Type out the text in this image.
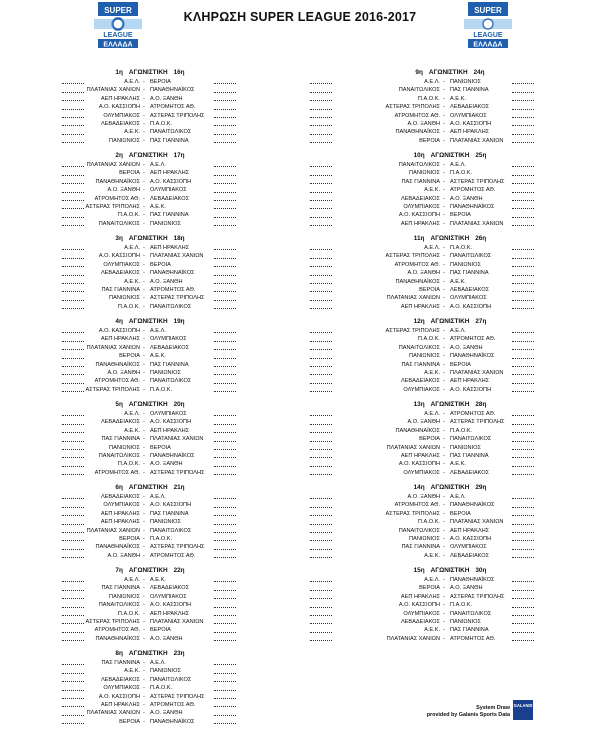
SUPER
LEAGUE
ΕΛΛΑΔΑ
ΚΛΗΡΩΣΗ SUPER LEAGUE 2016-2017	SUPER
LEAGUE
ΕΛΛΑΔΑ
1η ΑΓΩΝΙΣΤΙΚΗ 16η
Α.Ε.Λ. - ΒΕΡΟΙΑ
ΠΛΑΤΑΝΙΑΣ ΧΑΝΙΩΝ - ΠΑΝΑΘΗΝΑΪΚΟΣ
ΑΕΠ ΗΡΑΚΛΗΣ - Α.Ο. ΞΑΝΘΗ
Α.Ο. ΚΑΣΣΙΟΠΗ - ΑΤΡΟΜΗΤΟΣ ΑΘ.
ΟΛΥΜΠΙΑΚΟΣ - ΑΣΤΕΡΑΣ ΤΡΙΠΟΛΗΣ
ΛΕΒΑΔΕΙΑΚΟΣ - Π.Α.Ο.Κ.
Α.Ε.Κ. - ΠΑΝΑΙΤΩΛΙΚΟΣ
ΠΑΝΙΩΝΙΟΣ - ΠΑΣ ΓΙΑΝΝΙΝΑ
2η ΑΓΩΝΙΣΤΙΚΗ 17η
ΠΛΑΤΑΝΙΑΣ ΧΑΝΙΩΝ - Α.Ε.Λ.
ΒΕΡΟΙΑ - ΑΕΠ ΗΡΑΚΛΗΣ
ΠΑΝΑΘΗΝΑΪΚΟΣ - Α.Ο. ΚΑΣΣΙΟΠΗ
Α.Ο. ΞΑΝΘΗ - ΟΛΥΜΠΙΑΚΟΣ
ΑΤΡΟΜΗΤΟΣ ΑΘ. - ΛΕΒΑΔΕΙΑΚΟΣ
ΑΣΤΕΡΑΣ ΤΡΙΠΟΛΗΣ - Α.Ε.Κ.
Π.Α.Ο.Κ. - ΠΑΣ ΓΙΑΝΝΙΝΑ
ΠΑΝΑΙΤΩΛΙΚΟΣ - ΠΑΝΙΩΝΙΟΣ
3η ΑΓΩΝΙΣΤΙΚΗ 18η
Α.Ε.Λ. - ΑΕΠ ΗΡΑΚΛΗΣ
Α.Ο. ΚΑΣΣΙΟΠΗ - ΠΛΑΤΑΝΙΑΣ ΧΑΝΙΩΝ
ΟΛΥΜΠΙΑΚΟΣ - ΒΕΡΟΙΑ
ΛΕΒΑΔΕΙΑΚΟΣ - ΠΑΝΑΘΗΝΑΪΚΟΣ
Α.Ε.Κ. - Α.Ο. ΞΑΝΘΗ
ΠΑΣ ΓΙΑΝΝΙΝΑ - ΑΤΡΟΜΗΤΟΣ ΑΘ.
ΠΑΝΙΩΝΙΟΣ - ΑΣΤΕΡΑΣ ΤΡΙΠΟΛΗΣ
Π.Α.Ο.Κ. - ΠΑΝΑΙΤΩΛΙΚΟΣ
4η ΑΓΩΝΙΣΤΙΚΗ 19η
Α.Ο. ΚΑΣΣΙΟΠΗ - Α.Ε.Λ.
ΑΕΠ ΗΡΑΚΛΗΣ - ΟΛΥΜΠΙΑΚΟΣ
ΠΛΑΤΑΝΙΑΣ ΧΑΝΙΩΝ - ΛΕΒΑΔΕΙΑΚΟΣ
ΒΕΡΟΙΑ - Α.Ε.Κ.
ΠΑΝΑΘΗΝΑΪΚΟΣ - ΠΑΣ ΓΙΑΝΝΙΝΑ
Α.Ο. ΞΑΝΘΗ - ΠΑΝΙΩΝΙΟΣ
ΑΤΡΟΜΗΤΟΣ ΑΘ. - ΠΑΝΑΙΤΩΛΙΚΟΣ
ΑΣΤΕΡΑΣ ΤΡΙΠΟΛΗΣ - Π.Α.Ο.Κ.
5η ΑΓΩΝΙΣΤΙΚΗ 20η
Α.Ε.Λ. - ΟΛΥΜΠΙΑΚΟΣ
ΛΕΒΑΔΕΙΑΚΟΣ - Α.Ο. ΚΑΣΣΙΟΠΗ
Α.Ε.Κ. - ΑΕΠ ΗΡΑΚΛΗΣ
ΠΑΣ ΓΙΑΝΝΙΝΑ - ΠΛΑΤΑΝΙΑΣ ΧΑΝΙΩΝ
ΠΑΝΙΩΝΙΟΣ - ΒΕΡΟΙΑ
ΠΑΝΑΙΤΩΛΙΚΟΣ - ΠΑΝΑΘΗΝΑΪΚΟΣ
Π.Α.Ο.Κ. - Α.Ο. ΞΑΝΘΗ
ΑΤΡΟΜΗΤΟΣ ΑΘ. - ΑΣΤΕΡΑΣ ΤΡΙΠΟΛΗΣ
6η ΑΓΩΝΙΣΤΙΚΗ 21η
ΛΕΒΑΔΕΙΑΚΟΣ - Α.Ε.Λ.
ΟΛΥΜΠΙΑΚΟΣ - Α.Ο. ΚΑΣΣΙΟΠΗ
ΑΕΠ ΗΡΑΚΛΗΣ - ΠΑΣ ΓΙΑΝΝΙΝΑ
ΑΕΠ ΗΡΑΚΛΗΣ - ΠΑΝΙΩΝΙΟΣ
ΠΛΑΤΑΝΙΑΣ ΧΑΝΙΩΝ - ΠΑΝΑΙΤΩΛΙΚΟΣ
ΒΕΡΟΙΑ - Π.Α.Ο.Κ.
ΠΑΝΑΘΗΝΑΪΚΟΣ - ΑΣΤΕΡΑΣ ΤΡΙΠΟΛΗΣ
Α.Ο. ΞΑΝΘΗ - ΑΤΡΟΜΗΤΟΣ ΑΘ.
7η ΑΓΩΝΙΣΤΙΚΗ 22η
Α.Ε.Λ. - Α.Ε.Κ.
ΠΑΣ ΓΙΑΝΝΙΝΑ - ΛΕΒΑΔΕΙΑΚΟΣ
ΠΑΝΙΩΝΙΟΣ - ΟΛΥΜΠΙΑΚΟΣ
ΠΑΝΑΙΤΩΛΙΚΟΣ - Α.Ο. ΚΑΣΣΙΟΠΗ
Π.Α.Ο.Κ. - ΑΕΠ ΗΡΑΚΛΗΣ
ΑΣΤΕΡΑΣ ΤΡΙΠΟΛΗΣ - ΠΛΑΤΑΝΙΑΣ ΧΑΝΙΩΝ
ΑΤΡΟΜΗΤΟΣ ΑΘ. - ΒΕΡΟΙΑ
ΠΑΝΑΘΗΝΑΪΚΟΣ - Α.Ο. ΞΑΝΘΗ
8η ΑΓΩΝΙΣΤΙΚΗ 23η
ΠΑΣ ΓΙΑΝΝΙΝΑ - Α.Ε.Λ.
Α.Ε.Κ. - ΠΑΝΙΩΝΙΟΣ
ΛΕΒΑΔΕΙΑΚΟΣ - ΠΑΝΑΙΤΩΛΙΚΟΣ
ΟΛΥΜΠΙΑΚΟΣ - Π.Α.Ο.Κ.
Α.Ο. ΚΑΣΣΙΟΠΗ - ΑΣΤΕΡΑΣ ΤΡΙΠΟΛΗΣ
ΑΕΠ ΗΡΑΚΛΗΣ - ΑΤΡΟΜΗΤΟΣ ΑΘ.
ΠΛΑΤΑΝΙΑΣ ΧΑΝΙΩΝ - Α.Ο. ΞΑΝΘΗ
ΒΕΡΟΙΑ - ΠΑΝΑΘΗΝΑΪΚΟΣ
9η ΑΓΩΝΙΣΤΙΚΗ 24η
Α.Ε.Λ. - ΠΑΝΙΩΝΙΟΣ
ΠΑΝΑΙΤΩΛΙΚΟΣ - ΠΑΣ ΓΙΑΝΝΙΝΑ
Π.Α.Ο.Κ. - Α.Ε.Κ.
ΑΣΤΕΡΑΣ ΤΡΙΠΟΛΗΣ - ΛΕΒΑΔΕΙΑΚΟΣ
ΑΤΡΟΜΗΤΟΣ ΑΘ. - ΟΛΥΜΠΙΑΚΟΣ
Α.Ο. ΞΑΝΘΗ - Α.Ο. ΚΑΣΣΙΟΠΗ
ΠΑΝΑΘΗΝΑΪΚΟΣ - ΑΕΠ ΗΡΑΚΛΗΣ
ΒΕΡΟΙΑ - ΠΛΑΤΑΝΙΑΣ ΧΑΝΙΩΝ
10η ΑΓΩΝΙΣΤΙΚΗ 25η
ΠΑΝΑΙΤΩΛΙΚΟΣ - Α.Ε.Λ.
ΠΑΝΙΩΝΙΟΣ - Π.Α.Ο.Κ.
ΠΑΣ ΓΙΑΝΝΙΝΑ - ΑΣΤΕΡΑΣ ΤΡΙΠΟΛΗΣ
Α.Ε.Κ. - ΑΤΡΟΜΗΤΟΣ ΑΘ.
ΛΕΒΑΔΕΙΑΚΟΣ - Α.Ο. ΞΑΝΘΗ
ΟΛΥΜΠΙΑΚΟΣ - ΠΑΝΑΘΗΝΑΪΚΟΣ
Α.Ο. ΚΑΣΣΙΟΠΗ - ΒΕΡΟΙΑ
ΑΕΠ ΗΡΑΚΛΗΣ - ΠΛΑΤΑΝΙΑΣ ΧΑΝΙΩΝ
11η ΑΓΩΝΙΣΤΙΚΗ 26η
Α.Ε.Λ. - Π.Α.Ο.Κ.
ΑΣΤΕΡΑΣ ΤΡΙΠΟΛΗΣ - ΠΑΝΑΙΤΩΛΙΚΟΣ
ΑΤΡΟΜΗΤΟΣ ΑΘ. - ΠΑΝΙΩΝΙΟΣ
Α.Ο. ΞΑΝΘΗ - ΠΑΣ ΓΙΑΝΝΙΝΑ
ΠΑΝΑΘΗΝΑΪΚΟΣ - Α.Ε.Κ.
ΒΕΡΟΙΑ - ΛΕΒΑΔΕΙΑΚΟΣ
ΠΛΑΤΑΝΙΑΣ ΧΑΝΙΩΝ - ΟΛΥΜΠΙΑΚΟΣ
ΑΕΠ ΗΡΑΚΛΗΣ - Α.Ο. ΚΑΣΣΙΟΠΗ
12η ΑΓΩΝΙΣΤΙΚΗ 27η
ΑΣΤΕΡΑΣ ΤΡΙΠΟΛΗΣ - Α.Ε.Λ.
Π.Α.Ο.Κ. - ΑΤΡΟΜΗΤΟΣ ΑΘ.
ΠΑΝΑΙΤΩΛΙΚΟΣ - Α.Ο. ΞΑΝΘΗ
ΠΑΝΙΩΝΙΟΣ - ΠΑΝΑΘΗΝΑΪΚΟΣ
ΠΑΣ ΓΙΑΝΝΙΝΑ - ΒΕΡΟΙΑ
Α.Ε.Κ. - ΠΛΑΤΑΝΙΑΣ ΧΑΝΙΩΝ
ΛΕΒΑΔΕΙΑΚΟΣ - ΑΕΠ ΗΡΑΚΛΗΣ
ΟΛΥΜΠΙΑΚΟΣ - Α.Ο. ΚΑΣΣΙΟΠΗ
13η ΑΓΩΝΙΣΤΙΚΗ 28η
Α.Ε.Λ. - ΑΤΡΟΜΗΤΟΣ ΑΘ.
Α.Ο. ΞΑΝΘΗ - ΑΣΤΕΡΑΣ ΤΡΙΠΟΛΗΣ
ΠΑΝΑΘΗΝΑΪΚΟΣ - Π.Α.Ο.Κ.
ΒΕΡΟΙΑ - ΠΑΝΑΙΤΩΛΙΚΟΣ
ΠΛΑΤΑΝΙΑΣ ΧΑΝΙΩΝ - ΠΑΝΙΩΝΙΟΣ
ΑΕΠ ΗΡΑΚΛΗΣ - ΠΑΣ ΓΙΑΝΝΙΝΑ
Α.Ο. ΚΑΣΣΙΟΠΗ - Α.Ε.Κ.
ΟΛΥΜΠΙΑΚΟΣ - ΛΕΒΑΔΕΙΑΚΟΣ
14η ΑΓΩΝΙΣΤΙΚΗ 29η
Α.Ο. ΞΑΝΘΗ - Α.Ε.Λ.
ΑΤΡΟΜΗΤΟΣ ΑΘ. - ΠΑΝΑΘΗΝΑΪΚΟΣ
ΑΣΤΕΡΑΣ ΤΡΙΠΟΛΗΣ - ΒΕΡΟΙΑ
Π.Α.Ο.Κ. - ΠΛΑΤΑΝΙΑΣ ΧΑΝΙΩΝ
ΠΑΝΑΙΤΩΛΙΚΟΣ - ΑΕΠ ΗΡΑΚΛΗΣ
ΠΑΝΙΩΝΙΟΣ - Α.Ο. ΚΑΣΣΙΟΠΗ
ΠΑΣ ΓΙΑΝΝΙΝΑ - ΟΛΥΜΠΙΑΚΟΣ
Α.Ε.Κ. - ΛΕΒΑΔΕΙΑΚΟΣ
15η ΑΓΩΝΙΣΤΙΚΗ 30η
Α.Ε.Λ. - ΠΑΝΑΘΗΝΑΪΚΟΣ
ΒΕΡΟΙΑ - Α.Ο. ΞΑΝΘΗ
ΑΕΠ ΗΡΑΚΛΗΣ - ΑΣΤΕΡΑΣ ΤΡΙΠΟΛΗΣ
Α.Ο. ΚΑΣΣΙΟΠΗ - Π.Α.Ο.Κ.
ΟΛΥΜΠΙΑΚΟΣ - ΠΑΝΑΙΤΩΛΙΚΟΣ
ΛΕΒΑΔΕΙΑΚΟΣ - ΠΑΝΙΩΝΙΟΣ
Α.Ε.Κ. - ΠΑΣ ΓΙΑΝΝΙΝΑ
ΠΛΑΤΑΝΙΑΣ ΧΑΝΙΩΝ - ΑΤΡΟΜΗΤΟΣ ΑΘ.
System Draw
provided by Galanis Sports Data
GALANIS
